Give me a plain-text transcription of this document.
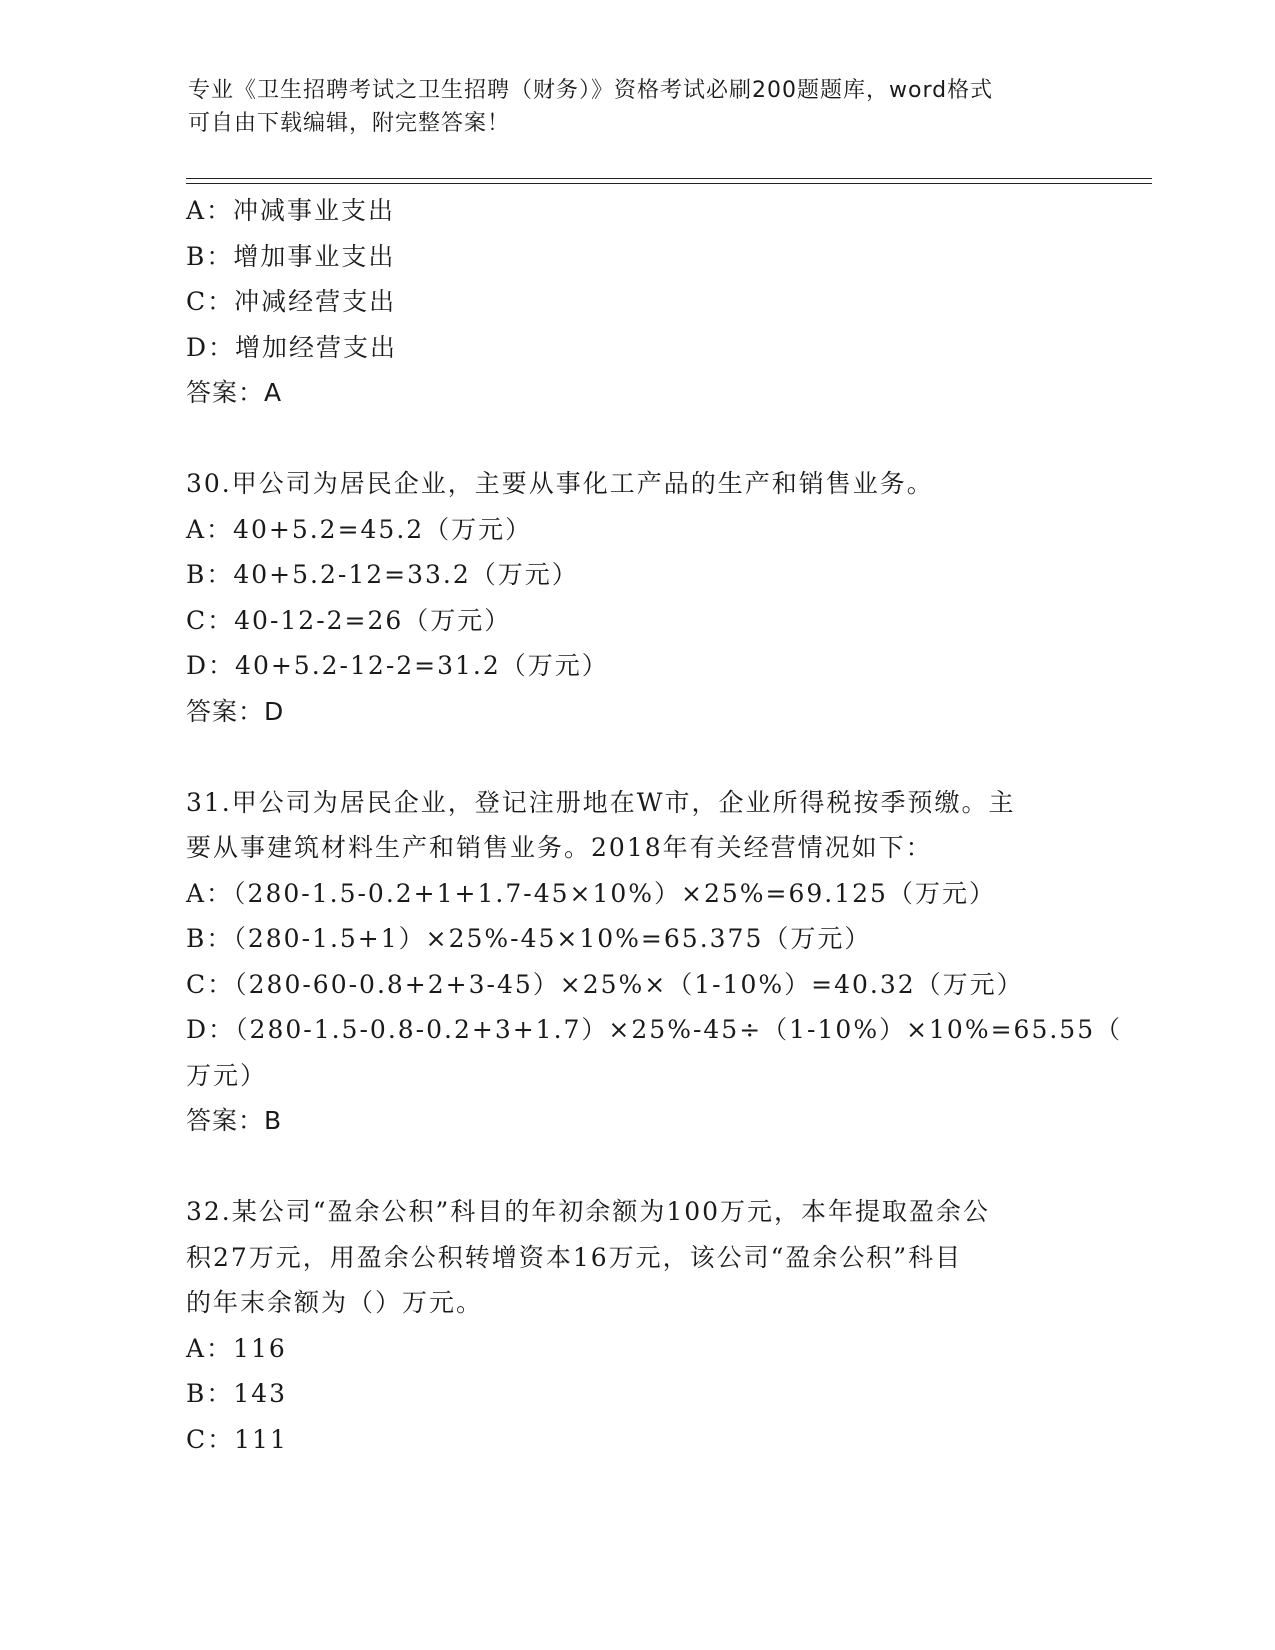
专业《卫生招聘考试之卫生招聘（财务）》资格考试必刷200题题库，word格式
可自由下载编辑，附完整答案！
A：冲减事业支出
B：增加事业支出
C：冲减经营支出
D：增加经营支出
答案：A
30.甲公司为居民企业，主要从事化工产品的生产和销售业务。
A：40+5.2=45.2（万元）
B：40+5.2-12=33.2（万元）
C：40-12-2=26（万元）
D：40+5.2-12-2=31.2（万元）
答案：D
31.甲公司为居民企业，登记注册地在W市，企业所得税按季预缴。主
要从事建筑材料生产和销售业务。2018年有关经营情况如下：
A：（280-1.5-0.2+1+1.7-45×10%）×25%=69.125（万元）
B：（280-1.5+1）×25%-45×10%=65.375（万元）
C：（280-60-0.8+2+3-45）×25%×（1-10%）=40.32（万元）
D：（280-1.5-0.8-0.2+3+1.7）×25%-45÷（1-10%）×10%=65.55（
万元）
答案：B
32.某公司“盈余公积”科目的年初余额为100万元，本年提取盈余公
积27万元，用盈余公积转增资本16万元，该公司“盈余公积”科目
的年末余额为（）万元。
A：116
B：143
C：111
